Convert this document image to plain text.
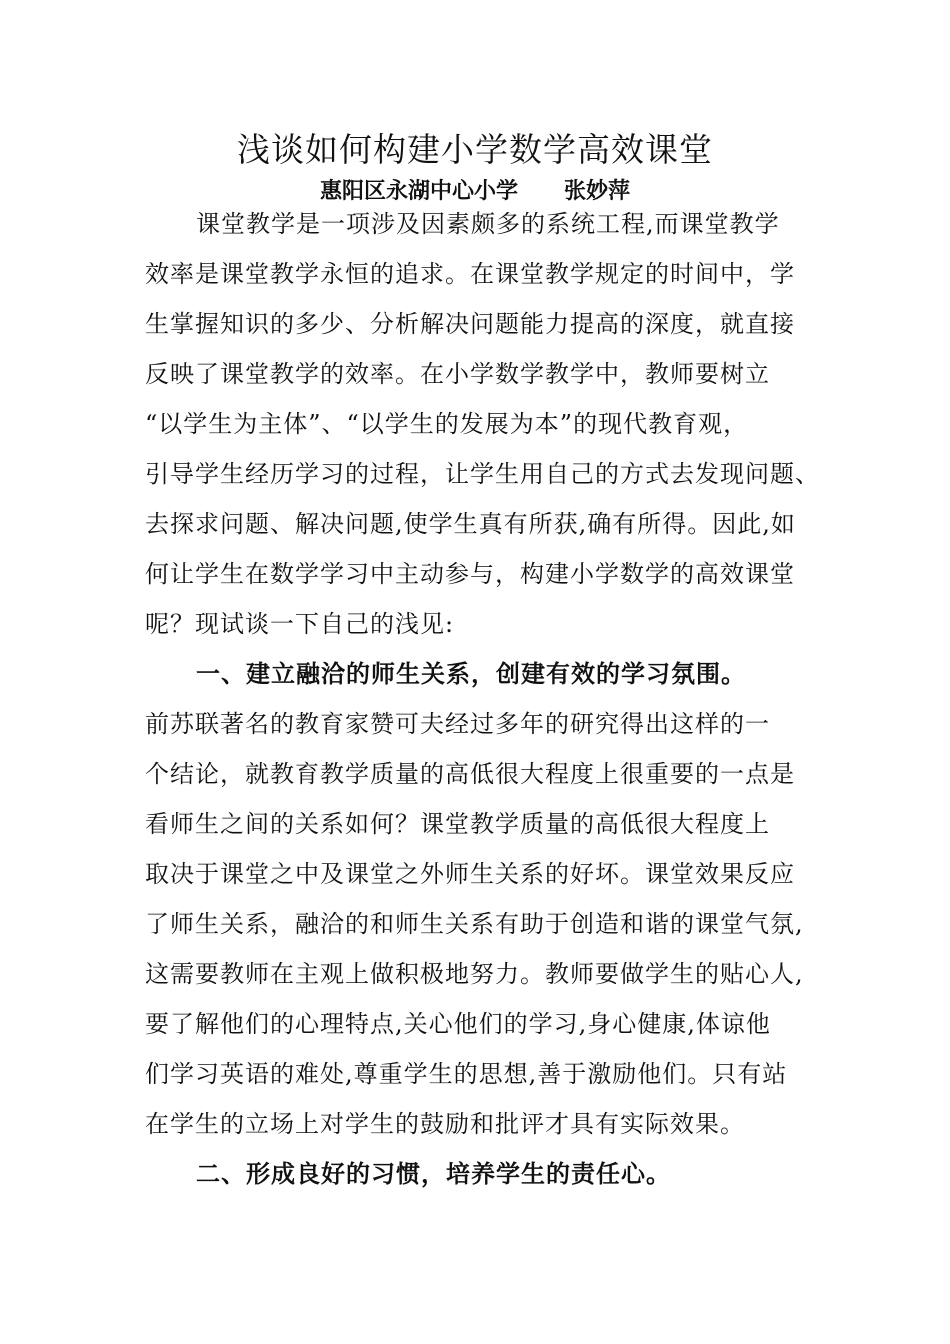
浅谈如何构建小学数学高效课堂
惠阳区永湖中心小学 张妙萍
课堂教学是一项涉及因素颇多的系统工程,而课堂教学
效率是课堂教学永恒的追求。在课堂教学规定的时间中，学
生掌握知识的多少、分析解决问题能力提高的深度，就直接
反映了课堂教学的效率。在小学数学教学中，教师要树立
“以学生为主体”、“以学生的发展为本”的现代教育观，
引导学生经历学习的过程，让学生用自己的方式去发现问题、
去探求问题、解决问题,使学生真有所获,确有所得。因此,如
何让学生在数学学习中主动参与，构建小学数学的高效课堂
呢？现试谈一下自己的浅见:
一、建立融洽的师生关系，创建有效的学习氛围。
前苏联著名的教育家赞可夫经过多年的研究得出这样的一
个结论，就教育教学质量的高低很大程度上很重要的一点是
看师生之间的关系如何？课堂教学质量的高低很大程度上
取决于课堂之中及课堂之外师生关系的好坏。课堂效果反应
了师生关系，融洽的和师生关系有助于创造和谐的课堂气氛,
这需要教师在主观上做积极地努力。教师要做学生的贴心人,
要了解他们的心理特点,关心他们的学习,身心健康,体谅他
们学习英语的难处,尊重学生的思想,善于激励他们。只有站
在学生的立场上对学生的鼓励和批评才具有实际效果。
二、形成良好的习惯，培养学生的责任心。
